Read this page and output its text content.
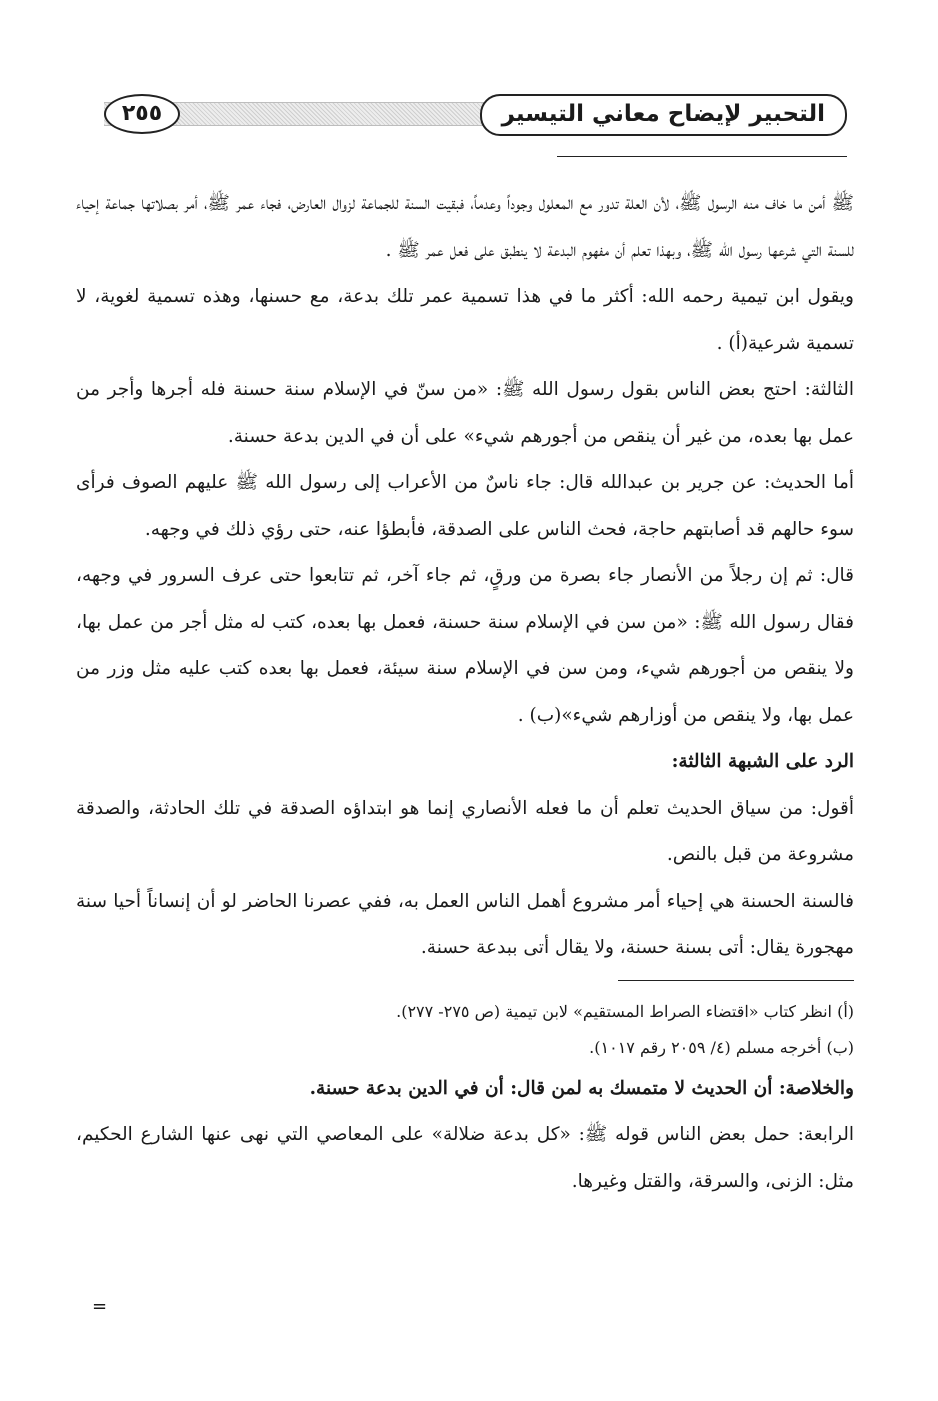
التحبير لإيضاح معاني التيسير
٢٥٥
ﷺ أمن ما خاف منه الرسول ﷺ، لأن العلة تدور مع المعلول وجوداً وعدماً، فبقيت السنة للجماعة لزوال العارض، فجاء عمر ﷺ، أمر بصلاتها جماعة إحياء للسنة التي شرعها رسول الله ﷺ، وبهذا تعلم أن مفهوم البدعة لا ينطبق على فعل عمر ﷺ .
ويقول ابن تيمية رحمه الله: أكثر ما في هذا تسمية عمر تلك بدعة، مع حسنها، وهذه تسمية لغوية، لا تسمية شرعية(أ) .
الثالثة: احتج بعض الناس بقول رسول الله ﷺ: «من سنّ في الإسلام سنة حسنة فله أجرها وأجر من عمل بها بعده، من غير أن ينقص من أجورهم شيء» على أن في الدين بدعة حسنة.
أما الحديث: عن جرير بن عبدالله قال: جاء ناسٌ من الأعراب إلى رسول الله ﷺ عليهم الصوف فرأى سوء حالهم قد أصابتهم حاجة، فحث الناس على الصدقة، فأبطؤا عنه، حتى رؤي ذلك في وجهه.
قال: ثم إن رجلاً من الأنصار جاء بصرة من ورقٍ، ثم جاء آخر، ثم تتابعوا حتى عرف السرور في وجهه، فقال رسول الله ﷺ: «من سن في الإسلام سنة حسنة، فعمل بها بعده، كتب له مثل أجر من عمل بها، ولا ينقص من أجورهم شيء، ومن سن في الإسلام سنة سيئة، فعمل بها بعده كتب عليه مثل وزر من عمل بها، ولا ينقص من أوزارهم شيء»(ب) .
الرد على الشبهة الثالثة:
أقول: من سياق الحديث تعلم أن ما فعله الأنصاري إنما هو ابتداؤه الصدقة في تلك الحادثة، والصدقة مشروعة من قبل بالنص.
فالسنة الحسنة هي إحياء أمر مشروع أهمل الناس العمل به، ففي عصرنا الحاضر لو أن إنساناً أحيا سنة مهجورة يقال: أتى بسنة حسنة، ولا يقال أتى ببدعة حسنة.
(أ) انظر كتاب «اقتضاء الصراط المستقيم» لابن تيمية (ص ٢٧٥- ٢٧٧).
(ب) أخرجه مسلم (٤/ ٢٠٥٩ رقم ١٠١٧).
والخلاصة: أن الحديث لا متمسك به لمن قال: أن في الدين بدعة حسنة.
الرابعة: حمل بعض الناس قوله ﷺ: «كل بدعة ضلالة» على المعاصي التي نهى عنها الشارع الحكيم، مثل: الزنى، والسرقة، والقتل وغيرها.
=
